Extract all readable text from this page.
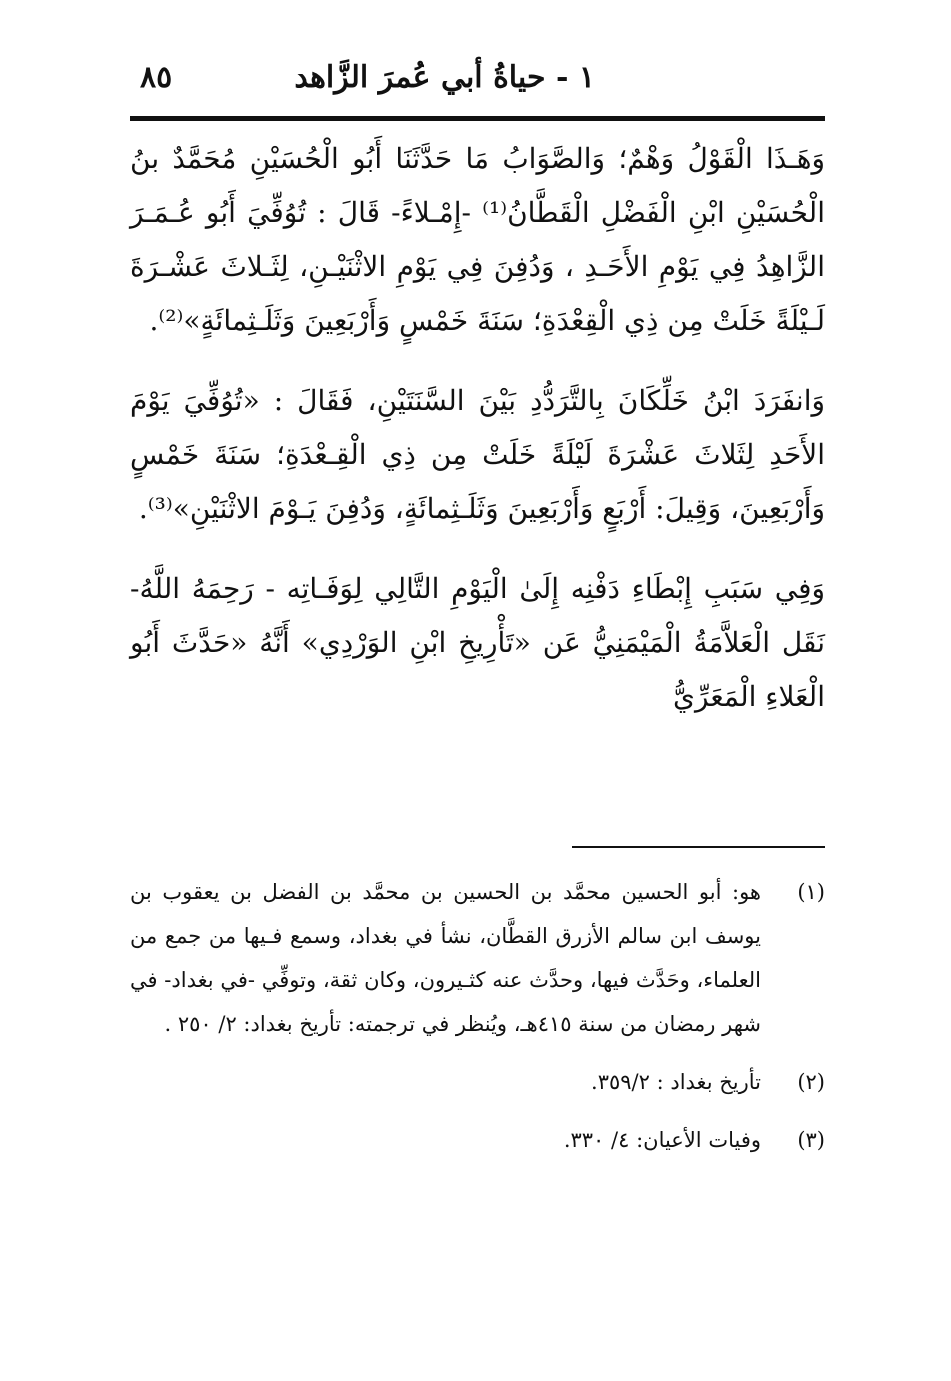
١ - حياةُ أبي عُمرَ الزَّاهد
٨٥

وَهَـذَا الْقَوْلُ وَهْمٌ؛ وَالصَّوَابُ مَا حَدَّثَنَا أَبُو الْحُسَيْنِ مُحَمَّدٌ بنُ الْحُسَيْنِ ابْنِ الْفَضْلِ الْقَطَّانُ⁽¹⁾ -إِمْـلاءً- قَالَ : تُوُفِّيَ أَبُو عُـمَـرَ الزَّاهِدُ فِي يَوْمِ الأَحَـدِ ، وَدُفِنَ فِي يَوْمِ الاثْنَيْـنِ، لِثَـلاثَ عَشْـرَةَ لَـيْلَةً خَلَتْ مِن ذِي الْقِعْدَةِ؛ سَنَةَ خَمْسٍ وَأَرْبَعِينَ وَثَلَـثِمائَةٍ»⁽²⁾.

وَانفَرَدَ ابْنُ خَلِّكَانَ بِالتَّرَدُّدِ بَيْنَ السَّنَتَيْنِ، فَقَالَ : «تُوُفِّيَ يَوْمَ الأَحَدِ لِثَلاثَ عَشْرَةَ لَيْلَةً خَلَتْ مِن ذِي الْقِـعْدَةِ؛ سَنَةَ خَمْسٍ وَأَرْبَعِينَ، وَقِيلَ: أَرْبَعٍ وَأَرْبَعِينَ وَثَلَـثِمائَةٍ، وَدُفِنَ يَـوْمَ الاثْنَيْنِ»⁽³⁾.

وَفِي سَبَبِ إِبْطَاءِ دَفْنِه إِلَىٰ الْيَوْمِ التَّالِي لِوَفَـاتِه - رَحِمَهُ اللَّهُ- نَقَل الْعَلاَّمَةُ الْمَيْمَنِيُّ عَن «تَأْرِيخِ ابْنِ الوَرْدِي» أَنَّهُ «حَدَّثَ أَبُو الْعَلاءِ الْمَعَرِّيُّ

(١)
هو: أبو الحسين محمَّد بن الحسين بن محمَّد بن الفضل بن يعقوب بن يوسف ابن سالم الأزرق القطَّان، نشأ في بغداد، وسمع فـيها من جمع من العلماء، وحَدَّث فيها، وحدَّث عنه كثـيرون، وكان ثقة، وتوفِّي -في بغداد- في شهر رمضان من سنة ٤١٥هـ، ويُنظر في ترجمته: تأريخ بغداد: ٢/ ٢٥٠ .
(٢)
تأريخ بغداد : ٣٥٩/٢.
(٣)
وفيات الأعيان: ٤/ ٣٣٠.
